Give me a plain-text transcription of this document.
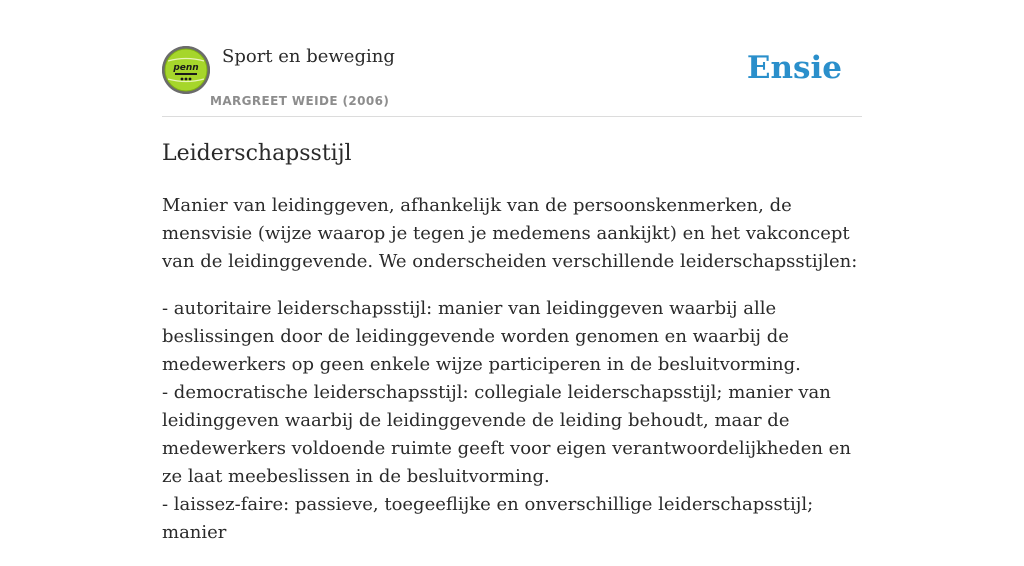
penn
Sport en beweging
MARGREET WEIDE (2006)
Ensie
Leiderschapsstijl

Manier van leidinggeven, afhankelijk van de persoonskenmerken, de mensvisie (wijze waarop je tegen je medemens aankijkt) en het vakconcept van de leidinggevende. We onderscheiden verschillende leiderschapsstijlen:

- autoritaire leiderschapsstijl: manier van leidinggeven waarbij alle beslissingen door de leidinggevende worden genomen en waarbij de medewerkers op geen enkele wijze participeren in de besluitvorming.
- democratische leiderschapsstijl: collegiale leiderschapsstijl; manier van leidinggeven waarbij de leidinggevende de leiding behoudt, maar de medewerkers voldoende ruimte geeft voor eigen verantwoordelijkheden en ze laat meebeslissen in de besluitvorming.
- laissez-faire: passieve, toegeeflijke en onverschillige leiderschapsstijl; manier
